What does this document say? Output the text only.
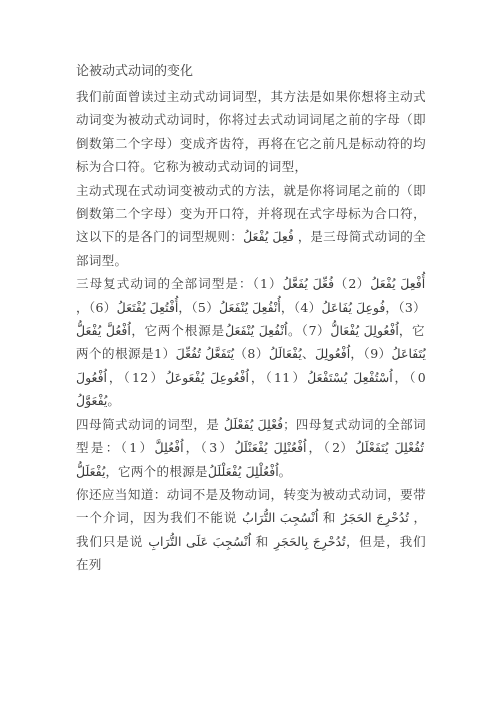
论被动式动词的变化

我们前面曾读过主动式动词词型，其方法是如果你想将主动式动词变为被动式动词时，你将过去式动词词尾之前的字母（即倒数第二个字母）变成齐齿符，再将在它之前凡是标动符的均标为合口符。它称为被动式动词的词型，

主动式现在式动词变被动式的方法，就是你将词尾之前的（即倒数第二个字母）变为开口符，并将现在式字母标为合口符，这以下的是各门的词型规则：فُعِلَ يُفْعَلُ ，是三母简式动词的全部词型。

三母复式动词的全部词型是：（1）أُفْعِلَ يُفْعَلُ（2）فُعِّلَ يُفَعَّلُ（3），فُوعِلَ يُفَاعَلُ（4），أُنْفُعِلَ يُنْفَعَلُ（5），أُفْتُعِلَ يُفْتَعَلُ（6），اُفْعُلَّ يُفْعَلُّ，它两个根源是اُفْعُولِلَ يُفْعَالُّ（7）。اُنْفُعِلَ يُنْفَعَلُ，它两个的根源是يُتَفَاعَلُ（9），اُفْعُولِلَ、يُفْعَالَلُ（8）يُتَفَعَّلُ تُفُعِّلَ（10），اُسْتُفْعِلَ يُسْتَفْعَلُ（11），اُفْعُوعِلَ يُفْعَوعَلُ（12），اُفْعُولَ يُفْعَوَّلُ。

四母简式动词的词型，是 فُعْلِلَ يُفَعْلَلُ；四母复式动词的全部词型是：（1）تُفُعْلِلَ يُتَفَعْلَلُ（2），اُفْعُنْلِلَ يُفْعَنْلَلُ（3），اُفْعُلِلَّ يُفْعَلَلُّ，它两个的根源是اُفْعُلْلِلَ يُفْعَلْلَلُ。

你还应当知道：动词不是及物动词，转变为被动式动词，要带一个介词，因为我们不能说 اُنْسُجِبَ التُّرَابُ 和 تُدُحْرِجَ الحَجَرُ ，我们只是说 اُنْسُجِبَ عَلَى التُّرَابِ 和 تُدُحْرِجَ بِالحَجَرِ，但是，我们在列
